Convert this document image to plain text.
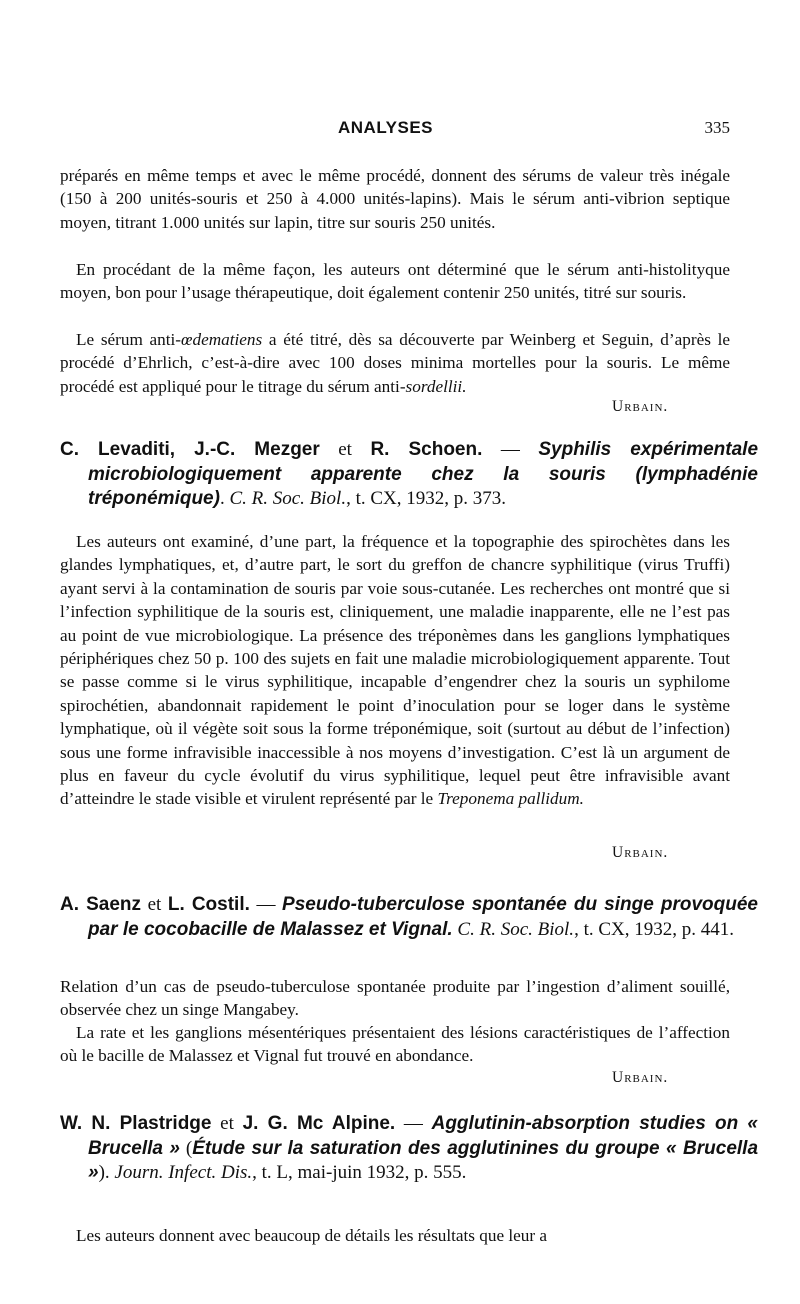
ANALYSES	335

préparés en même temps et avec le même procédé, donnent des sérums de valeur très inégale (150 à 200 unités-souris et 250 à 4.000 unités-lapins). Mais le sérum anti-vibrion septique moyen, titrant 1.000 unités sur lapin, titre sur souris 250 unités.

En procédant de la même façon, les auteurs ont déterminé que le sérum anti-histolityque moyen, bon pour l’usage thérapeutique, doit également contenir 250 unités, titré sur souris.

Le sérum anti-œdematiens a été titré, dès sa découverte par Weinberg et Seguin, d’après le procédé d’Ehrlich, c’est-à-dire avec 100 doses minima mortelles pour la souris. Le même procédé est appliqué pour le titrage du sérum anti-sordellii.

Urbain.

C. Levaditi, J.-C. Mezger et R. Schoen. — Syphilis expérimentale microbiologiquement apparente chez la souris (lymphadénie tréponémique). C. R. Soc. Biol., t. CX, 1932, p. 373.

Les auteurs ont examiné, d’une part, la fréquence et la topographie des spirochètes dans les glandes lymphatiques, et, d’autre part, le sort du greffon de chancre syphilitique (virus Truffi) ayant servi à la contamination de souris par voie sous-cutanée. Les recherches ont montré que si l’infection syphilitique de la souris est, cliniquement, une maladie inapparente, elle ne l’est pas au point de vue microbiologique. La présence des tréponèmes dans les ganglions lymphatiques périphériques chez 50 p. 100 des sujets en fait une maladie microbiologiquement apparente. Tout se passe comme si le virus syphilitique, incapable d’engendrer chez la souris un syphilome spirochétien, abandonnait rapidement le point d’inoculation pour se loger dans le système lymphatique, où il végète soit sous la forme tréponémique, soit (surtout au début de l’infection) sous une forme infravisible inaccessible à nos moyens d’investigation. C’est là un argument de plus en faveur du cycle évolutif du virus syphilitique, lequel peut être infravisible avant d’atteindre le stade visible et virulent représenté par le Treponema pallidum.

Urbain.

A. Saenz et L. Costil. — Pseudo-tuberculose spontanée du singe provoquée par le cocobacille de Malassez et Vignal. C. R. Soc. Biol., t. CX, 1932, p. 441.

Relation d’un cas de pseudo-tuberculose spontanée produite par l’ingestion d’aliment souillé, observée chez un singe Mangabey.

La rate et les ganglions mésentériques présentaient des lésions caractéristiques de l’affection où le bacille de Malassez et Vignal fut trouvé en abondance.

Urbain.

W. N. Plastridge et J. G. Mc Alpine. — Agglutinin-absorption studies on « Brucella » (Étude sur la saturation des agglutinines du groupe « Brucella »). Journ. Infect. Dis., t. L, mai-juin 1932, p. 555.

Les auteurs donnent avec beaucoup de détails les résultats que leur a
